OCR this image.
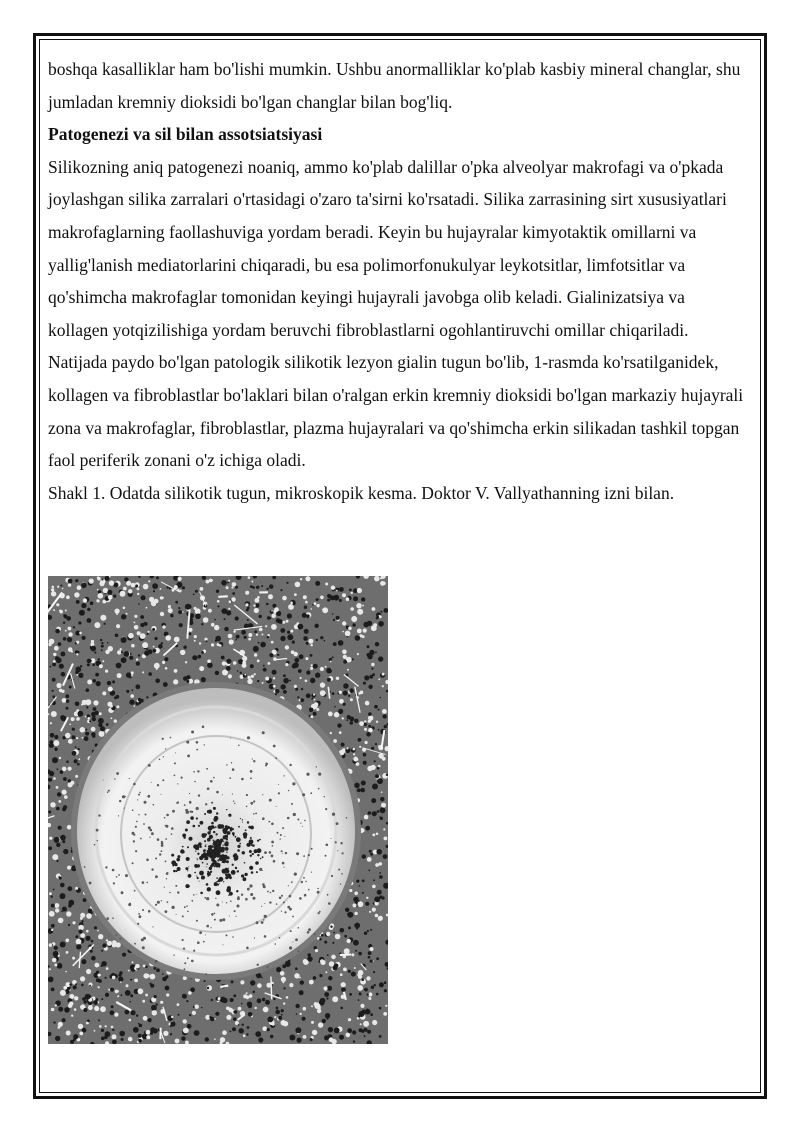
boshqa kasalliklar ham bo'lishi mumkin. Ushbu anormalliklar ko'plab kasbiy mineral changlar, shu jumladan kremniy dioksidi bo'lgan changlar bilan bog'liq.

Patogenezi va sil bilan assotsiatsiyasi

Silikozning aniq patogenezi noaniq, ammo ko'plab dalillar o'pka alveolyar makrofagi va o'pkada joylashgan silika zarralari o'rtasidagi o'zaro ta'sirni ko'rsatadi. Silika zarrasining sirt xususiyatlari makrofaglarning faollashuviga yordam beradi. Keyin bu hujayralar kimyotaktik omillarni va yallig'lanish mediatorlarini chiqaradi, bu esa polimorfonukulyar leykotsitlar, limfotsitlar va qo'shimcha makrofaglar tomonidan keyingi hujayrali javobga olib keladi. Gialinizatsiya va kollagen yotqizilishiga yordam beruvchi fibroblastlarni ogohlantiruvchi omillar chiqariladi. Natijada paydo bo'lgan patologik silikotik lezyon gialin tugun bo'lib, 1-rasmda ko'rsatilganidek, kollagen va fibroblastlar bo'laklari bilan o'ralgan erkin kremniy dioksidi bo'lgan markaziy hujayrali zona va makrofaglar, fibroblastlar, plazma hujayralari va qo'shimcha erkin silikadan tashkil topgan faol periferik zonani o'z ichiga oladi.

Shakl 1. Odatda silikotik tugun, mikroskopik kesma. Doktor V. Vallyathanning izni bilan.
